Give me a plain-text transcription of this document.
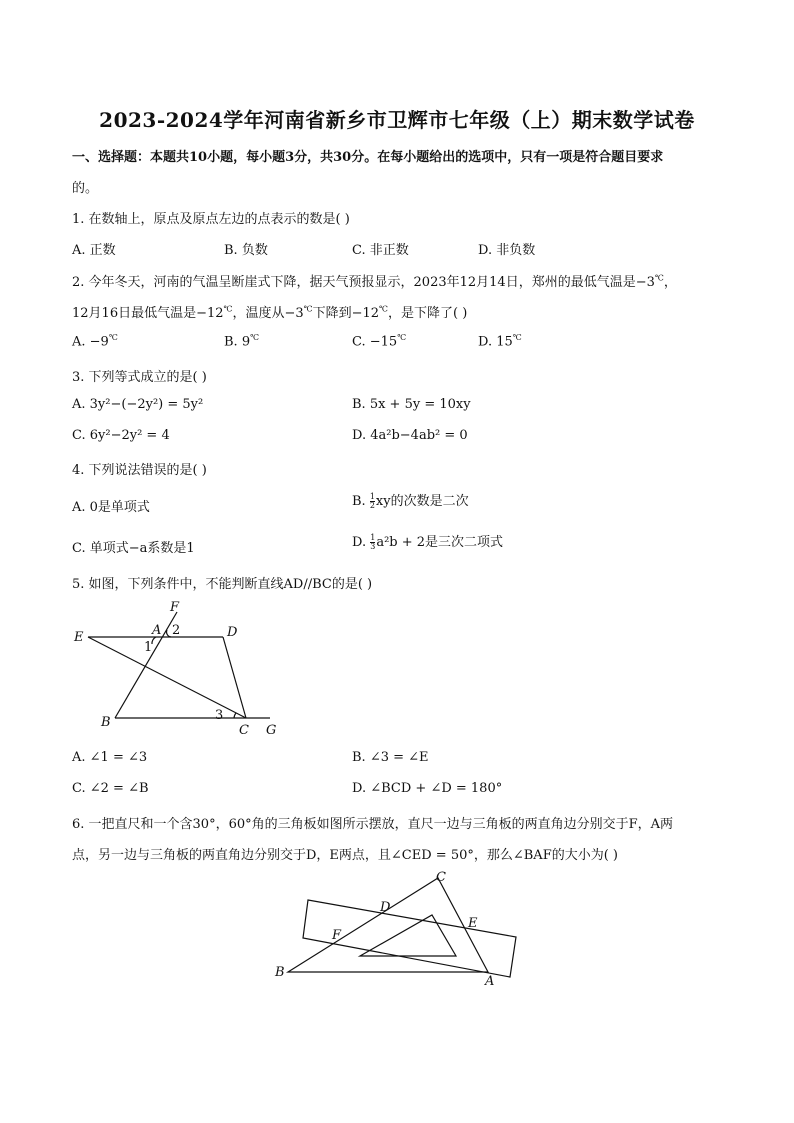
2023-2024学年河南省新乡市卫辉市七年级（上）期末数学试卷
一、选择题：本题共10小题，每小题3分，共30分。在每小题给出的选项中，只有一项是符合题目要求
的。
1. 在数轴上，原点及原点左边的点表示的数是( )
A. 正数	B. 负数	C. 非正数	D. 非负数
2. 今年冬天，河南的气温呈断崖式下降，据天气预报显示，2023年12月14日，郑州的最低气温是−3℃，
12月16日最低气温是−12℃，温度从−3℃下降到−12℃，是下降了( )
A. −9℃	B. 9℃	C. −15℃	D. 15℃
3. 下列等式成立的是( )
A. 3y²−(−2y²) = 5y²	B. 5x + 5y = 10xy
C. 6y²−2y² = 4	D. 4a²b−4ab² = 0
4. 下列说法错误的是( )
A. 0是单项式	B. $\frac{1}{2}$ xy的次数是二次
C. 单项式−a系数是1	D. $\frac{1}{3} a^2b + 2$是三次二项式
5. 如图，下列条件中，不能判断直线AD//BC的是( )
F
A 2	D
E
1
B	3
C G
A. ∠1 = ∠3	B. ∠3 = ∠E
C. ∠2 = ∠B	D. ∠BCD + ∠D = 180°
6. 一把直尺和一个含30°，60°角的三角板如图所示摆放，直尺一边与三角板的两直角边分别交于F，A两
点，另一边与三角板的两直角边分别交于D，E两点，且∠CED = 50°，那么∠BAF的大小为( )
C
D
E
F
B
A
